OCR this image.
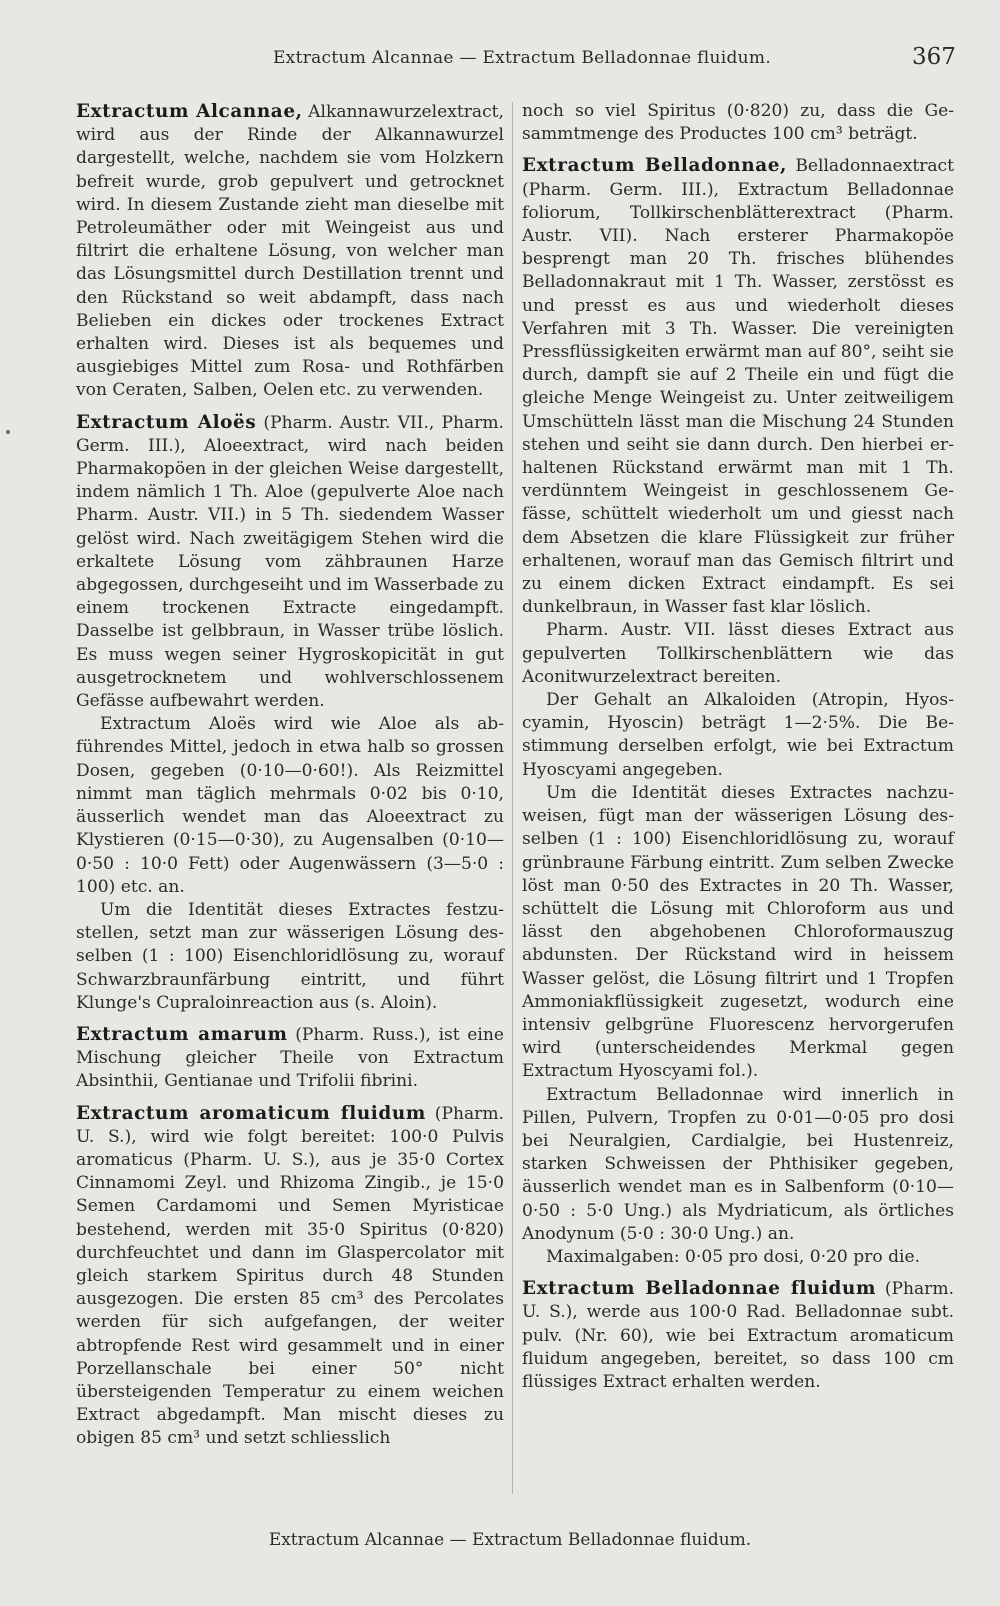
Extractum Alcannae — Extractum Belladonnae fluidum.	367

Extractum Alcannae, Alkannawurzelextract, wird aus der Rinde der Alkannawurzel dargestellt, welche, nachdem sie vom Holzkern befreit wurde, grob gepulvert und getrocknet wird. In diesem Zustande zieht man dieselbe mit Petroleumäther oder mit Weingeist aus und filtrirt die erhaltene Lösung, von welcher man das Lösungsmittel durch Destillation trennt und den Rückstand so weit abdampft, dass nach Belieben ein dickes oder trockenes Extract erhalten wird. Dieses ist als bequemes und ausgiebiges Mittel zum Rosa- und Rothfärben von Ceraten, Salben, Oelen etc. zu verwenden.

Extractum Aloës (Pharm. Austr. VII., Pharm. Germ. III.), Aloeextract, wird nach beiden Pharmakopöen in der gleichen Weise dargestellt, indem nämlich 1 Th. Aloe (gepulverte Aloe nach Pharm. Austr. VII.) in 5 Th. siedendem Wasser gelöst wird. Nach zweitägigem Stehen wird die erkaltete Lösung vom zähbraunen Harze abgegossen, durchgeseiht und im Wasserbade zu einem trockenen Extracte eingedampft. Dasselbe ist gelbbraun, in Wasser trübe löslich. Es muss wegen seiner Hygroskopicität in gut ausgetrocknetem und wohlverschlossenem Gefässe aufbewahrt werden.

Extractum Aloës wird wie Aloe als abführendes Mittel, jedoch in etwa halb so grossen Dosen, gegeben (0·10—0·60!). Als Reizmittel nimmt man täglich mehrmals 0·02 bis 0·10, äusserlich wendet man das Aloeextract zu Klystieren (0·15—0·30), zu Augensalben (0·10—0·50 : 10·0 Fett) oder Augenwässern (3—5·0 : 100) etc. an.

Um die Identität dieses Extractes festzustellen, setzt man zur wässerigen Lösung desselben (1 : 100) Eisenchloridlösung zu, worauf Schwarzbraunfärbung eintritt, und führt Klunge's Cupraloinreaction aus (s. Aloin).

Extractum amarum (Pharm. Russ.), ist eine Mischung gleicher Theile von Extractum Absinthii, Gentianae und Trifolii fibrini.

Extractum aromaticum fluidum (Pharm. U. S.), wird wie folgt bereitet: 100·0 Pulvis aromaticus (Pharm. U. S.), aus je 35·0 Cortex Cinnamomi Zeyl. und Rhizoma Zingib., je 15·0 Semen Cardamomi und Semen Myristicae bestehend, werden mit 35·0 Spiritus (0·820) durchfeuchtet und dann im Glaspercolator mit gleich starkem Spiritus durch 48 Stunden ausgezogen. Die ersten 85 cm³ des Percolates werden für sich aufgefangen, der weiter abtropfende Rest wird gesammelt und in einer Porzellanschale bei einer 50° nicht übersteigenden Temperatur zu einem weichen Extract abgedampft. Man mischt dieses zu obigen 85 cm³ und setzt schliesslich

noch so viel Spiritus (0·820) zu, dass die Gesammtmenge des Productes 100 cm³ beträgt.

Extractum Belladonnae, Belladonnaextract (Pharm. Germ. III.), Extractum Belladonnae foliorum, Tollkirschenblätterextract (Pharm. Austr. VII). Nach ersterer Pharmakopöe besprengt man 20 Th. frisches blühendes Belladonnakraut mit 1 Th. Wasser, zerstösst es und presst es aus und wiederholt dieses Verfahren mit 3 Th. Wasser. Die vereinigten Pressflüssigkeiten erwärmt man auf 80°, seiht sie durch, dampft sie auf 2 Theile ein und fügt die gleiche Menge Weingeist zu. Unter zeitweiligem Umschütteln lässt man die Mischung 24 Stunden stehen und seiht sie dann durch. Den hierbei erhaltenen Rückstand erwärmt man mit 1 Th. verdünntem Weingeist in geschlossenem Gefässe, schüttelt wiederholt um und giesst nach dem Absetzen die klare Flüssigkeit zur früher erhaltenen, worauf man das Gemisch filtrirt und zu einem dicken Extract eindampft. Es sei dunkelbraun, in Wasser fast klar löslich.

Pharm. Austr. VII. lässt dieses Extract aus gepulverten Tollkirschenblättern wie das Aconitwurzelextract bereiten.

Der Gehalt an Alkaloiden (Atropin, Hyoscyamin, Hyoscin) beträgt 1—2·5%. Die Bestimmung derselben erfolgt, wie bei Extractum Hyoscyami angegeben.

Um die Identität dieses Extractes nachzuweisen, fügt man der wässerigen Lösung desselben (1 : 100) Eisenchloridlösung zu, worauf grünbraune Färbung eintritt. Zum selben Zwecke löst man 0·50 des Extractes in 20 Th. Wasser, schüttelt die Lösung mit Chloroform aus und lässt den abgehobenen Chloroformauszug abdunsten. Der Rückstand wird in heissem Wasser gelöst, die Lösung filtrirt und 1 Tropfen Ammoniakflüssigkeit zugesetzt, wodurch eine intensiv gelbgrüne Fluorescenz hervorgerufen wird (unterscheidendes Merkmal gegen Extractum Hyoscyami fol.).

Extractum Belladonnae wird innerlich in Pillen, Pulvern, Tropfen zu 0·01—0·05 pro dosi bei Neuralgien, Cardialgie, bei Hustenreiz, starken Schweissen der Phthisiker gegeben, äusserlich wendet man es in Salbenform (0·10—0·50 : 5·0 Ung.) als Mydriaticum, als örtliches Anodynum (5·0 : 30·0 Ung.) an.

Maximalgaben: 0·05 pro dosi, 0·20 pro die.

Extractum Belladonnae fluidum (Pharm. U. S.), werde aus 100·0 Rad. Belladonnae subt. pulv. (Nr. 60), wie bei Extractum aromaticum fluidum angegeben, bereitet, so dass 100 cm flüssiges Extract erhalten werden.

Extractum Alcannae — Extractum Belladonnae fluidum.
